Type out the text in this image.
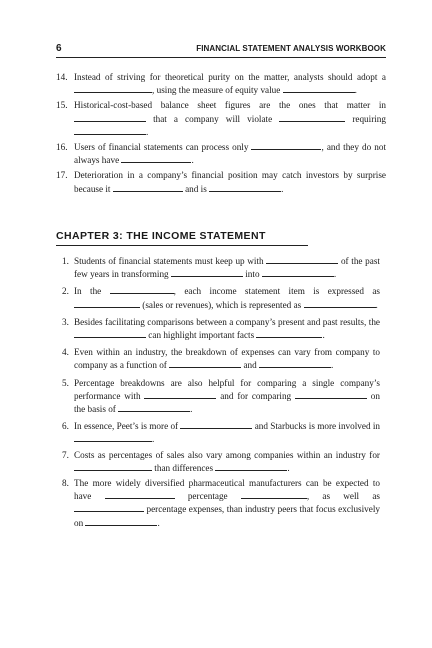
6	FINANCIAL STATEMENT ANALYSIS WORKBOOK

14. Instead of striving for theoretical purity on the matter, analysts should adopt a , using the measure of equity value	.

15. Historical-cost-based balance sheet figures are the ones that matter in  that a company will violate	requiring .

16. Users of financial statements can process only	, and they do not always have	.

17. Deterioration in a company’s financial position may catch investors by surprise because it	and is	.

CHAPTER 3: THE INCOME STATEMENT

1. Students of financial statements must keep up with	of the past few years in transforming	into	.

2. In the	, each income statement item is expressed as  (sales or revenues), which is represented as	.

3. Besides facilitating comparisons between a company’s present and past results, the  can highlight important facts	.

4. Even within an industry, the breakdown of expenses can vary from company to company as a function of	and	.

5. Percentage breakdowns are also helpful for comparing a single company’s performance with	and for comparing	on the basis of	.

6. In essence, Peet’s is more of	and Starbucks is more involved in .

7. Costs as percentages of sales also vary among companies within an industry for  than differences	.

8. The more widely diversified pharmaceutical manufacturers can be expected to have	percentage	, as well as  percentage expenses, than industry peers that focus exclusively on	.
